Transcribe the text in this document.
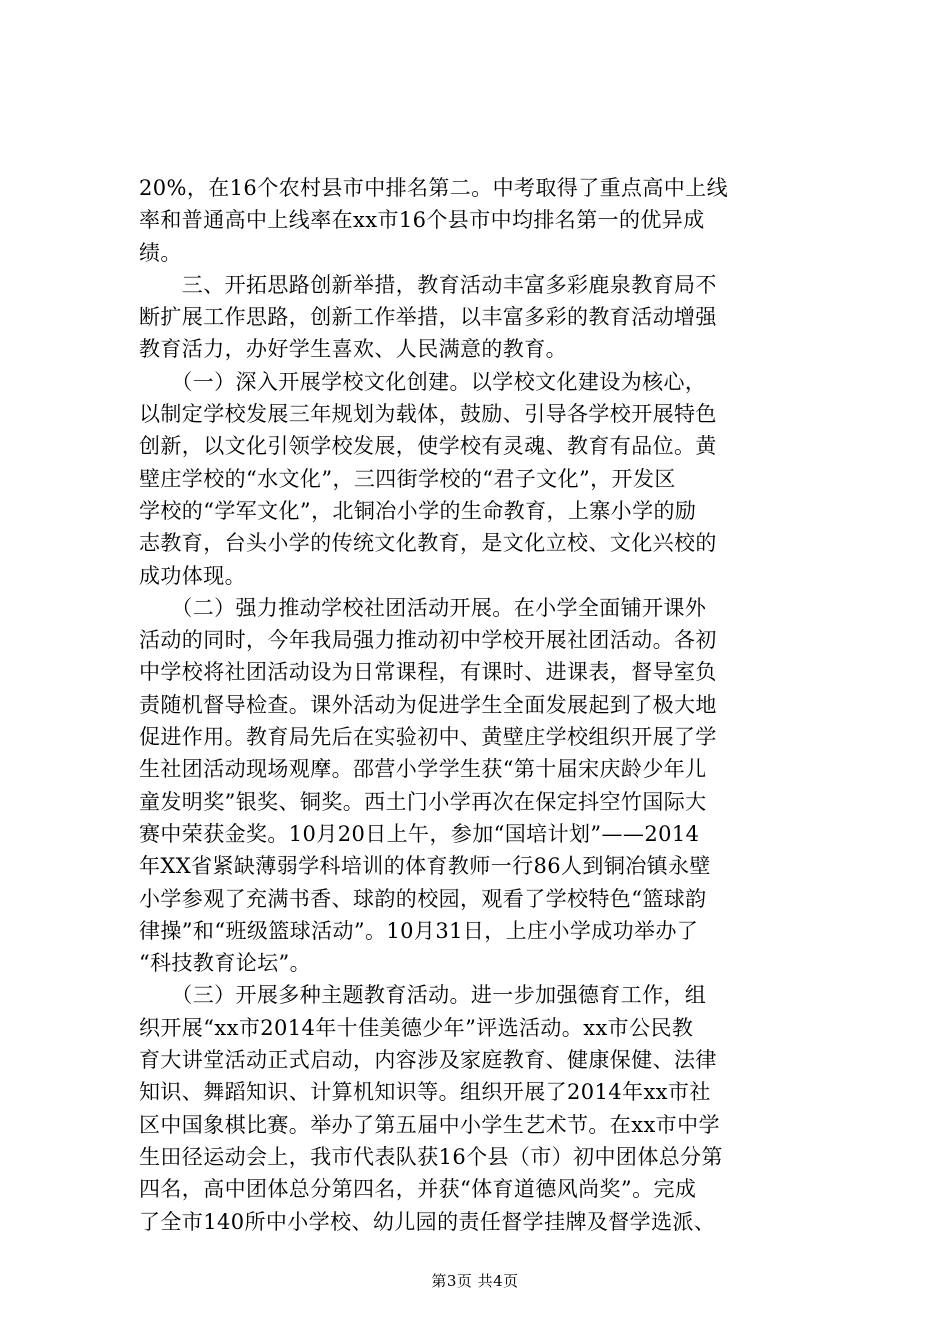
20%，在16个农村县市中排名第二。中考取得了重点高中上线
率和普通高中上线率在xx市16个县市中均排名第一的优异成
绩。
　　三、开拓思路创新举措，教育活动丰富多彩鹿泉教育局不
断扩展工作思路，创新工作举措，以丰富多彩的教育活动增强
教育活力，办好学生喜欢、人民满意的教育。
　　（一）深入开展学校文化创建。以学校文化建设为核心，
以制定学校发展三年规划为载体，鼓励、引导各学校开展特色
创新，以文化引领学校发展，使学校有灵魂、教育有品位。黄
壁庄学校的“水文化”，三四街学校的“君子文化”，开发区
学校的“学军文化”，北铜冶小学的生命教育，上寨小学的励
志教育，台头小学的传统文化教育，是文化立校、文化兴校的
成功体现。
　　（二）强力推动学校社团活动开展。在小学全面铺开课外
活动的同时，今年我局强力推动初中学校开展社团活动。各初
中学校将社团活动设为日常课程，有课时、进课表，督导室负
责随机督导检查。课外活动为促进学生全面发展起到了极大地
促进作用。教育局先后在实验初中、黄壁庄学校组织开展了学
生社团活动现场观摩。邵营小学学生获“第十届宋庆龄少年儿
童发明奖”银奖、铜奖。西土门小学再次在保定抖空竹国际大
赛中荣获金奖。10月20日上午，参加“国培计划”——2014
年XX省紧缺薄弱学科培训的体育教师一行86人到铜冶镇永壁
小学参观了充满书香、球韵的校园，观看了学校特色“篮球韵
律操”和“班级篮球活动”。10月31日，上庄小学成功举办了
“科技教育论坛”。
　　（三）开展多种主题教育活动。进一步加强德育工作，组
织开展“xx市2014年十佳美德少年”评选活动。xx市公民教
育大讲堂活动正式启动，内容涉及家庭教育、健康保健、法律
知识、舞蹈知识、计算机知识等。组织开展了2014年xx市社
区中国象棋比赛。举办了第五届中小学生艺术节。在xx市中学
生田径运动会上，我市代表队获16个县（市）初中团体总分第
四名，高中团体总分第四名，并获“体育道德风尚奖”。完成
了全市140所中小学校、幼儿园的责任督学挂牌及督学选派、
第3页 共4页
